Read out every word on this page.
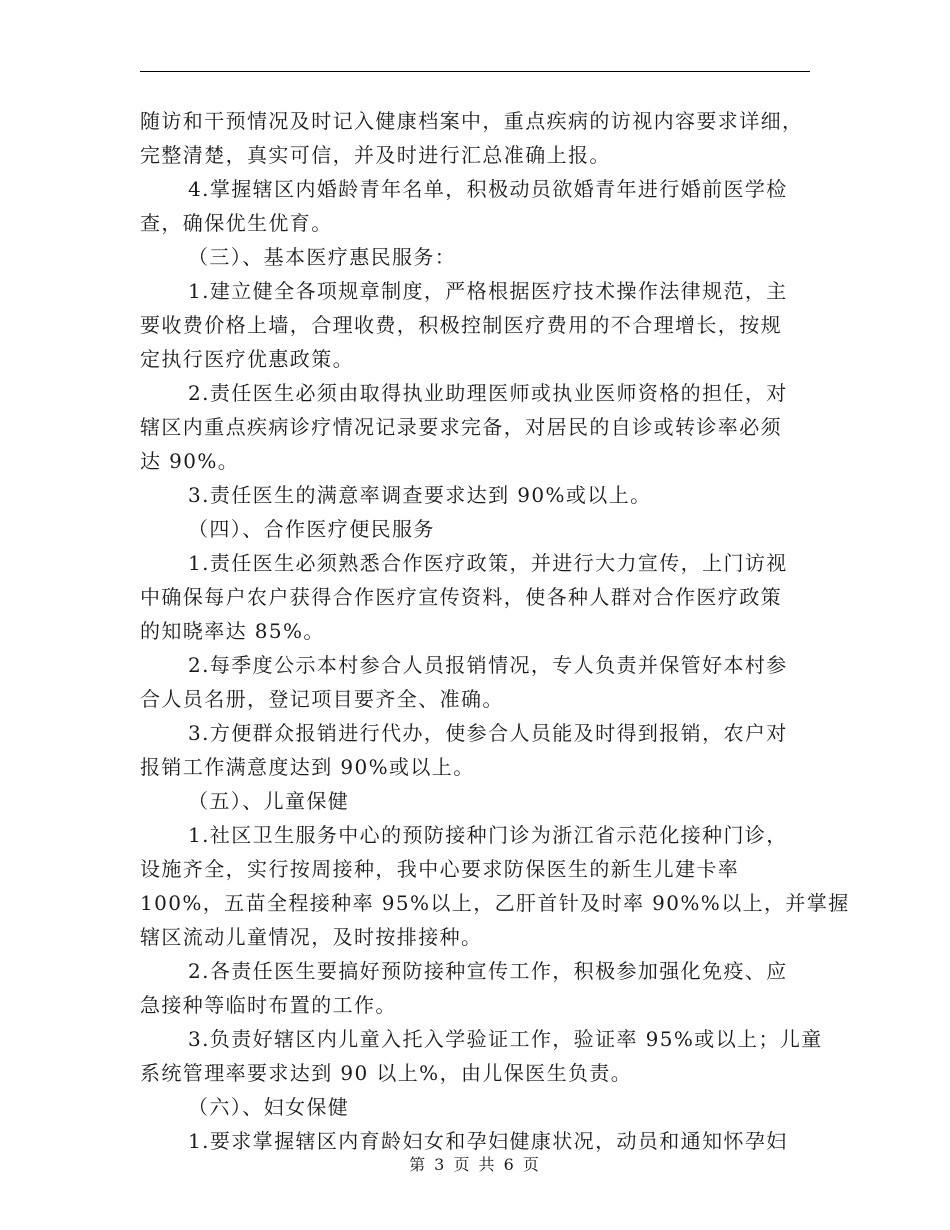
随访和干预情况及时记入健康档案中，重点疾病的访视内容要求详细，
完整清楚，真实可信，并及时进行汇总准确上报。
4.掌握辖区内婚龄青年名单，积极动员欲婚青年进行婚前医学检
查，确保优生优育。
（三）、基本医疗惠民服务：
1.建立健全各项规章制度，严格根据医疗技术操作法律规范，主
要收费价格上墙，合理收费，积极控制医疗费用的不合理增长，按规
定执行医疗优惠政策。
2.责任医生必须由取得执业助理医师或执业医师资格的担任，对
辖区内重点疾病诊疗情况记录要求完备，对居民的自诊或转诊率必须
达 90%。
3.责任医生的满意率调查要求达到 90%或以上。
（四）、合作医疗便民服务
1.责任医生必须熟悉合作医疗政策，并进行大力宣传，上门访视
中确保每户农户获得合作医疗宣传资料，使各种人群对合作医疗政策
的知晓率达 85%。
2.每季度公示本村参合人员报销情况，专人负责并保管好本村参
合人员名册，登记项目要齐全、准确。
3.方便群众报销进行代办，使参合人员能及时得到报销，农户对
报销工作满意度达到 90%或以上。
（五）、儿童保健
1.社区卫生服务中心的预防接种门诊为浙江省示范化接种门诊，
设施齐全，实行按周接种，我中心要求防保医生的新生儿建卡率
100%，五苗全程接种率 95%以上，乙肝首针及时率 90%%以上，并掌握
辖区流动儿童情况，及时按排接种。
2.各责任医生要搞好预防接种宣传工作，积极参加强化免疫、应
急接种等临时布置的工作。
3.负责好辖区内儿童入托入学验证工作，验证率 95%或以上；儿童
系统管理率要求达到 90 以上%，由儿保医生负责。
（六）、妇女保健
1.要求掌握辖区内育龄妇女和孕妇健康状况，动员和通知怀孕妇
第 3 页 共 6 页
